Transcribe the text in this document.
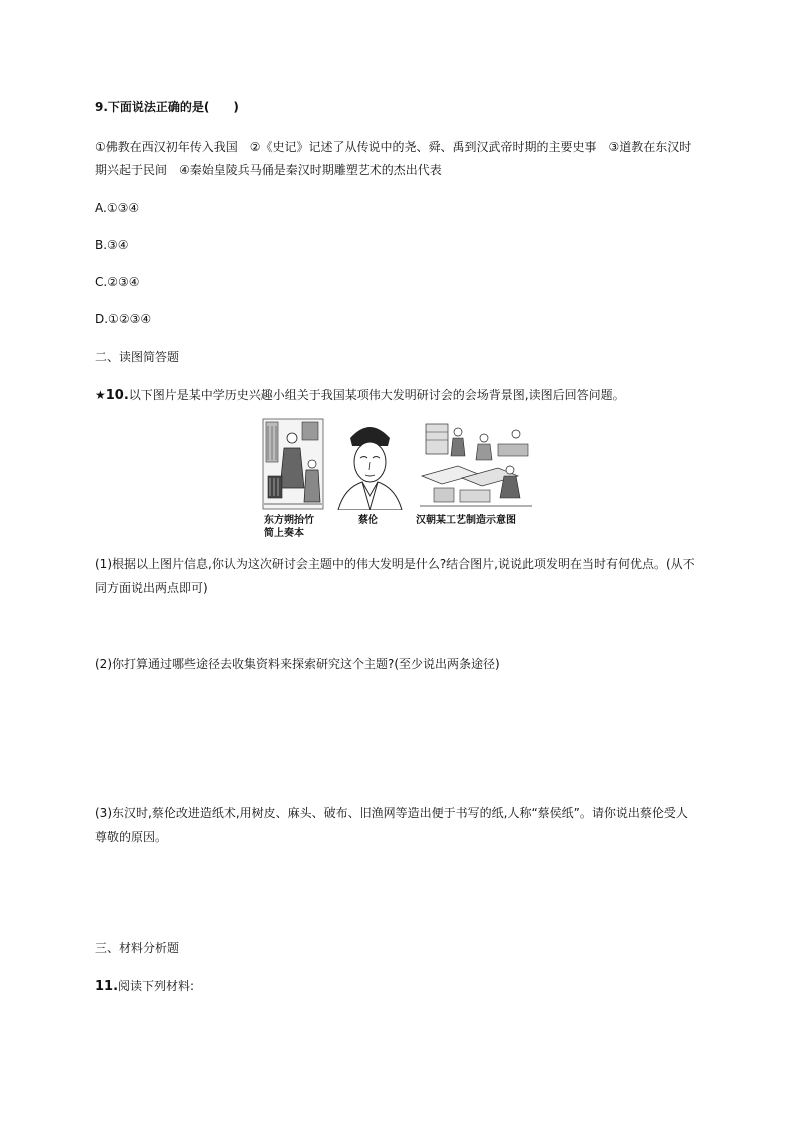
9.下面说法正确的是(　　)
①佛教在西汉初年传入我国　②《史记》记述了从传说中的尧、舜、禹到汉武帝时期的主要史事　③道教在东汉时
期兴起于民间　④秦始皇陵兵马俑是秦汉时期雕塑艺术的杰出代表
A.①③④
B.③④
C.②③④
D.①②③④
二、读图简答题
★10.以下图片是某中学历史兴趣小组关于我国某项伟大发明研讨会的会场背景图,读图后回答问题。
东方朔抬竹
简上奏本
蔡伦	汉朝某工艺制造示意图
(1)根据以上图片信息,你认为这次研讨会主题中的伟大发明是什么?结合图片,说说此项发明在当时有何优点。(从不
同方面说出两点即可)
(2)你打算通过哪些途径去收集资料来探索研究这个主题?(至少说出两条途径)
(3)东汉时,蔡伦改进造纸术,用树皮、麻头、破布、旧渔网等造出便于书写的纸,人称“蔡侯纸”。请你说出蔡伦受人
尊敬的原因。
三、材料分析题
11.阅读下列材料:
